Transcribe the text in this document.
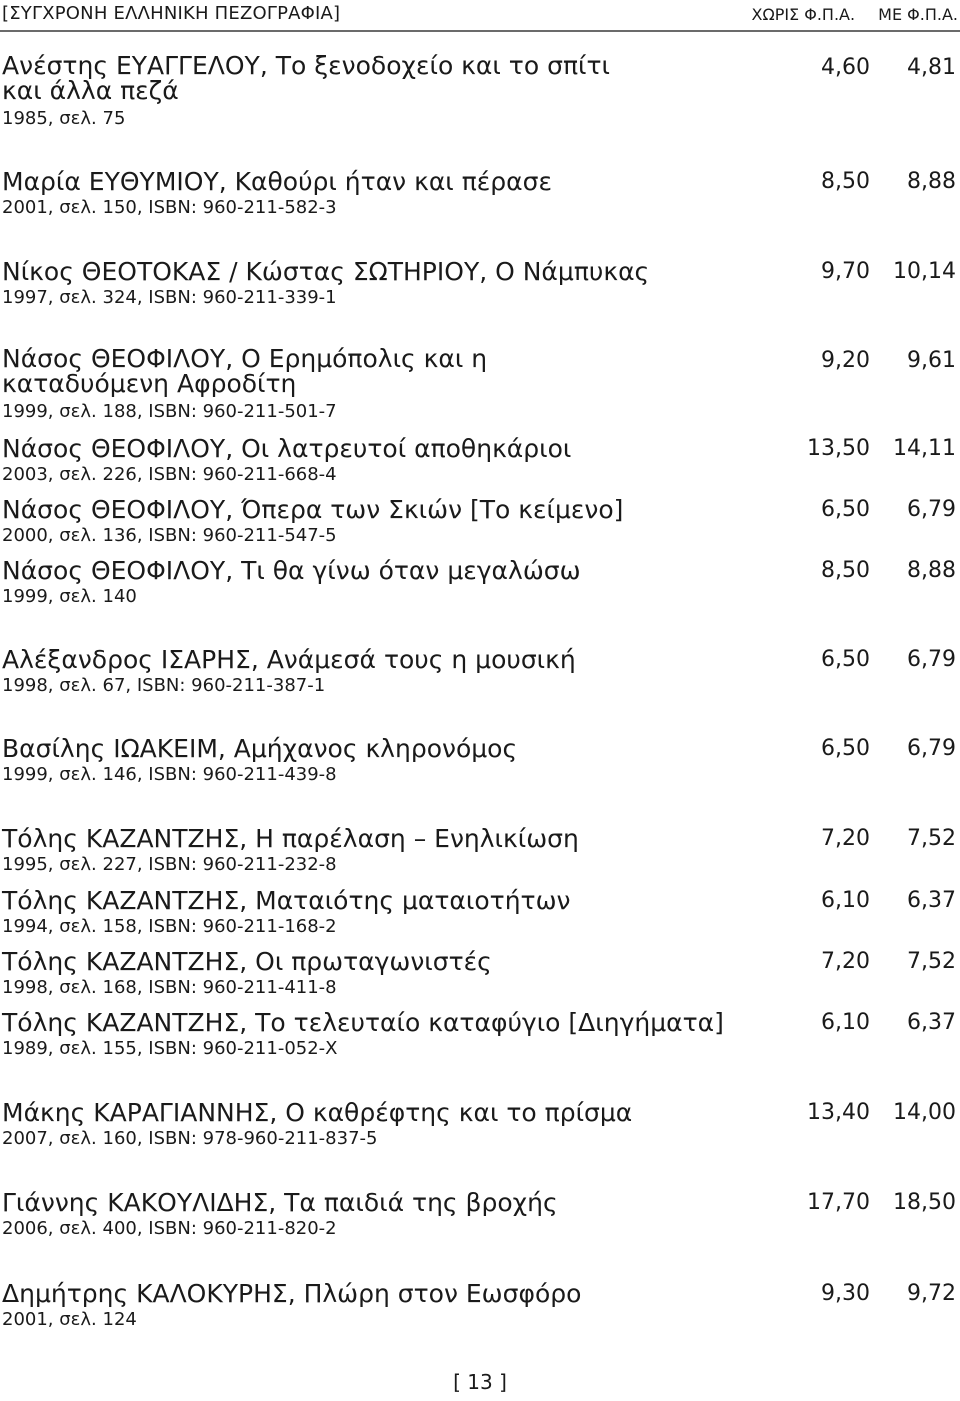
[ΣΥΓΧΡΟΝΗ ΕΛΛΗΝΙΚΗ ΠΕΖΟΓΡΑΦΙΑ]	ΧΩΡΙΣ Φ.Π.Α. ΜΕ Φ.Π.Α.
Ανέστης ΕΥΑΓΓΕΛΟΥ, Το ξενοδοχείο και το σπίτι και άλλα πεζά
4,60 4,81
1985, σελ. 75
Μαρία ΕΥΘΥΜΙΟΥ, Καθούρι ήταν και πέρασε	8,50 8,88
2001, σελ. 150, ISBN: 960-211-582-3
Νίκος ΘΕΟΤΟΚΑΣ / Κώστας ΣΩΤΗΡΙΟΥ, Ο Νάμπυκας	9,70 10,14
1997, σελ. 324, ISBN: 960-211-339-1
Νάσος ΘΕΟΦΙΛΟΥ, Ο Ερημόπολις και η καταδυόμενη Αφροδίτη
9,20 9,61
1999, σελ. 188, ISBN: 960-211-501-7
Νάσος ΘΕΟΦΙΛΟΥ, Οι λατρευτοί αποθηκάριοι	13,50 14,11
2003, σελ. 226, ISBN: 960-211-668-4
Νάσος ΘΕΟΦΙΛΟΥ, Όπερα των Σκιών [Το κείμενο]	6,50 6,79
2000, σελ. 136, ISBN: 960-211-547-5
Νάσος ΘΕΟΦΙΛΟΥ, Τι θα γίνω όταν μεγαλώσω	8,50 8,88
1999, σελ. 140
Αλέξανδρος ΙΣΑΡΗΣ, Ανάμεσά τους η μουσική	6,50 6,79
1998, σελ. 67, ISBN: 960-211-387-1
Βασίλης ΙΩΑΚΕΙΜ, Αμήχανος κληρονόμος	6,50 6,79
1999, σελ. 146, ISBN: 960-211-439-8
Τόλης ΚΑΖΑΝΤΖΗΣ, Η παρέλαση – Ενηλικίωση	7,20 7,52
1995, σελ. 227, ISBN: 960-211-232-8
Τόλης ΚΑΖΑΝΤΖΗΣ, Ματαιότης ματαιοτήτων	6,10 6,37
1994, σελ. 158, ISBN: 960-211-168-2
Τόλης ΚΑΖΑΝΤΖΗΣ, Οι πρωταγωνιστές	7,20 7,52
1998, σελ. 168, ISBN: 960-211-411-8
Τόλης ΚΑΖΑΝΤΖΗΣ, Το τελευταίο καταφύγιο [Διηγήματα]	6,10 6,37
1989, σελ. 155, ISBN: 960-211-052-Χ
Μάκης ΚΑΡΑΓΙΑΝΝΗΣ, Ο καθρέφτης και το πρίσμα	13,40 14,00
2007, σελ. 160, ISBN: 978-960-211-837-5
Γιάννης ΚΑΚΟΥΛΙΔΗΣ, Τα παιδιά της βροχής	17,70 18,50
2006, σελ. 400, ISBN: 960-211-820-2
Δημήτρης ΚΑΛΟΚΥΡΗΣ, Πλώρη στον Εωσφόρο	9,30 9,72
2001, σελ. 124
[ 13 ]
